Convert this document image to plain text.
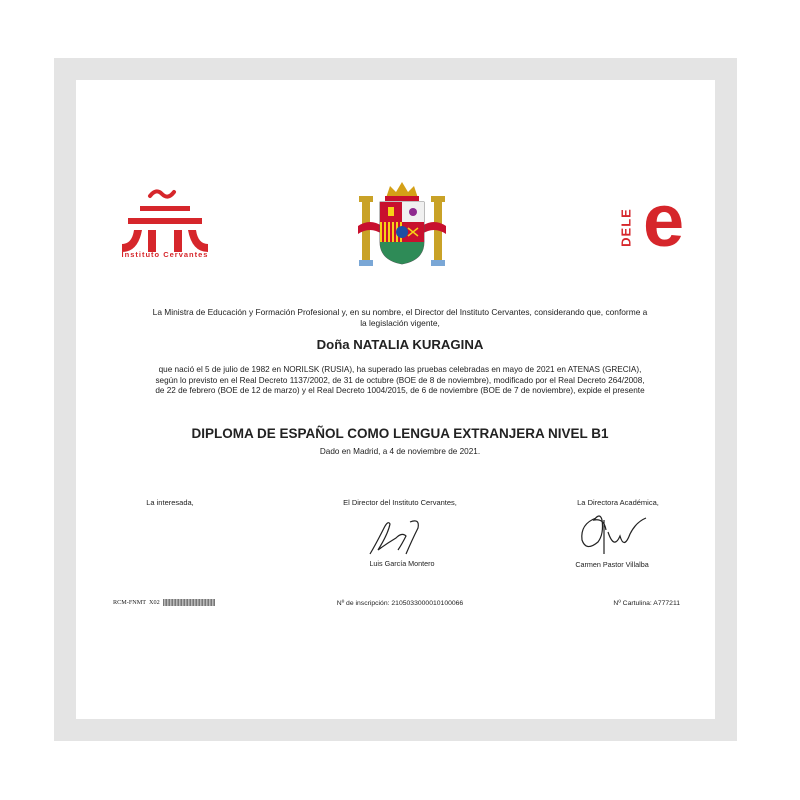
Instituto Cervantes
DELE e
La Ministra de Educación y Formación Profesional y, en su nombre, el Director del Instituto Cervantes, considerando que, conforme a la legislación vigente,
Doña NATALIA KURAGINA
que nació el 5 de julio de 1982 en NORILSK (RUSIA), ha superado las pruebas celebradas en mayo de 2021 en ATENAS (GRECIA), según lo previsto en el Real Decreto 1137/2002, de 31 de octubre (BOE de 8 de noviembre), modificado por el Real Decreto 264/2008, de 22 de febrero (BOE de 12 de marzo) y el Real Decreto 1004/2015, de 6 de noviembre (BOE de 7 de noviembre), expide el presente
DIPLOMA DE ESPAÑOL COMO LENGUA EXTRANJERA NIVEL B1
Dado en Madrid, a 4 de noviembre de 2021.
La interesada,	El Director del Instituto Cervantes,
Luis García Montero
La Directora Académica,
Carmen Pastor Villalba
RCM-FNMT X02	Nº de inscripción: 2105033000010100066	Nº Cartulina: A777211
